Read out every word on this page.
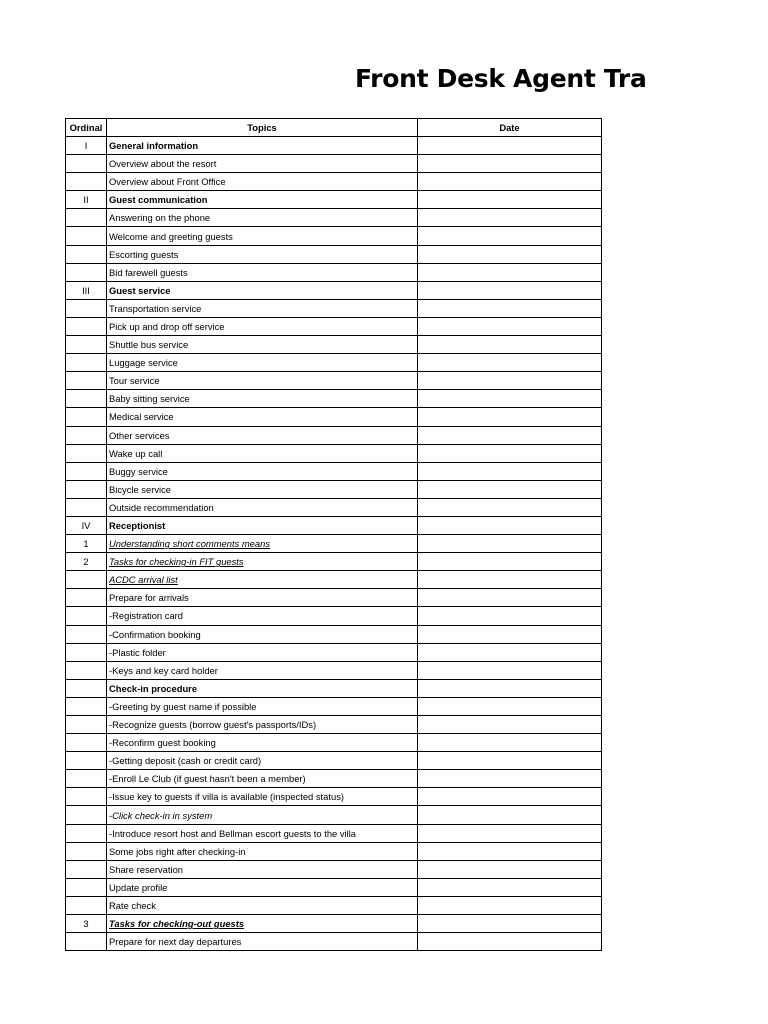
Front Desk Agent Tra
Ordinal	Topics	Date
I	General information	
	Overview about the resort	
	Overview about Front Office	
II	Guest communication	
	Answering on the phone	
	Welcome and greeting guests	
	Escorting guests	
	Bid farewell guests	
III	Guest service	
	Transportation service	
	Pick up and drop off service	
	Shuttle bus service	
	Luggage service	
	Tour service	
	Baby sitting service	
	Medical service	
	Other services	
	Wake up call	
	Buggy service	
	Bicycle service	
	Outside recommendation	
IV	Receptionist	
1	Understanding short comments means	
2	Tasks for checking-in FIT guests	
	ACDC arrival list	
	Prepare for arrivals	
	-Registration card	
	-Confirmation booking	
	-Plastic folder	
	-Keys and key card holder	
	Check-in procedure	
	-Greeting by guest name if possible	
	-Recognize guests (borrow guest's passports/IDs)	
	-Reconfirm guest booking	
	-Getting deposit (cash or credit card)	
	-Enroll Le Club (if guest hasn't been a member)	
	-Issue key to guests if villa is available (inspected status)	
	-Click check-in in system	
	-Introduce resort host and Bellman escort guests to the villa	
	Some jobs right after checking-in	
	Share reservation	
	Update profile	
	Rate check	
3	Tasks for checking-out guests	
	Prepare for next day departures	
